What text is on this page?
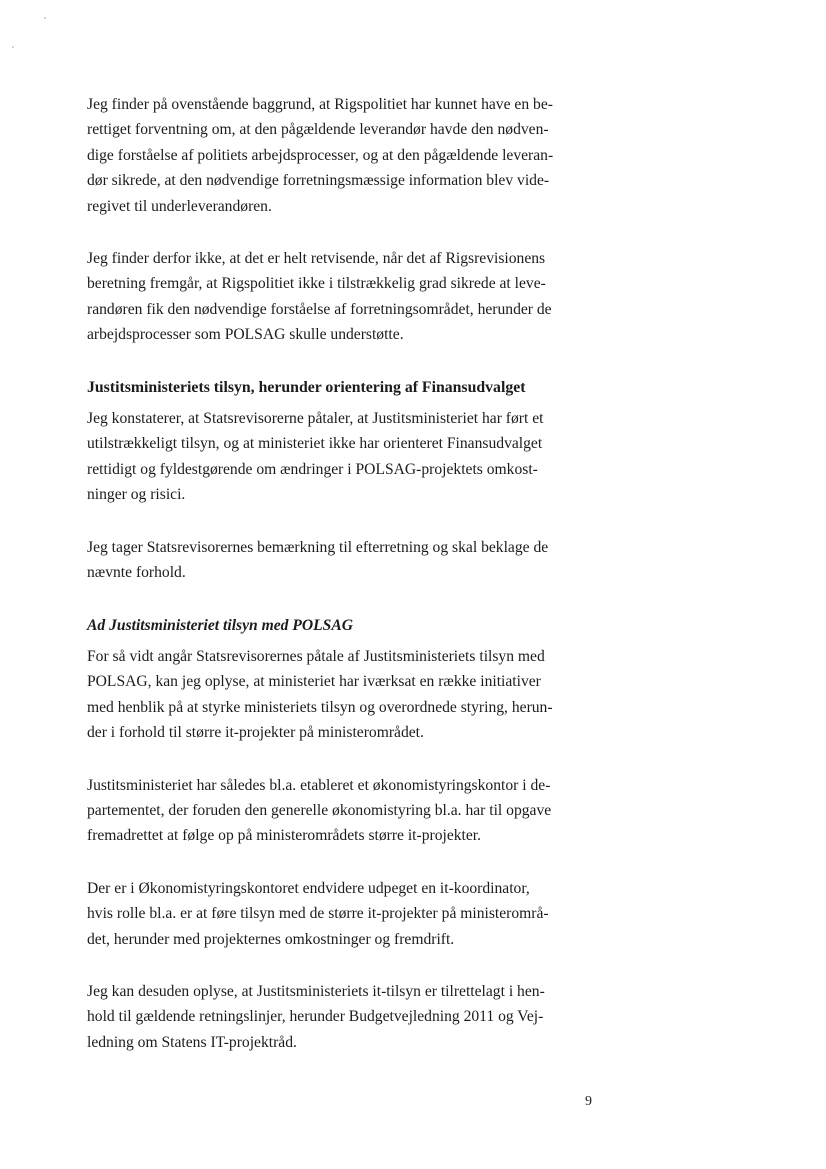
Jeg finder på ovenstående baggrund, at Rigspolitiet har kunnet have en be-
rettiget forventning om, at den pågældende leverandør havde den nødven-
dige forståelse af politiets arbejdsprocesser, og at den pågældende leveran-
dør sikrede, at den nødvendige forretningsmæssige information blev vide-
regivet til underleverandøren.

Jeg finder derfor ikke, at det er helt retvisende, når det af Rigsrevisionens
beretning fremgår, at Rigspolitiet ikke i tilstrækkelig grad sikrede at leve-
randøren fik den nødvendige forståelse af forretningsområdet, herunder de
arbejdsprocesser som POLSAG skulle understøtte.

Justitsministeriets tilsyn, herunder orientering af Finansudvalget

Jeg konstaterer, at Statsrevisorerne påtaler, at Justitsministeriet har ført et
utilstrækkeligt tilsyn, og at ministeriet ikke har orienteret Finansudvalget
rettidigt og fyldestgørende om ændringer i POLSAG-projektets omkost-
ninger og risici.

Jeg tager Statsrevisorernes bemærkning til efterretning og skal beklage de
nævnte forhold.

Ad Justitsministeriet tilsyn med POLSAG

For så vidt angår Statsrevisorernes påtale af Justitsministeriets tilsyn med
POLSAG, kan jeg oplyse, at ministeriet har iværksat en række initiativer
med henblik på at styrke ministeriets tilsyn og overordnede styring, herun-
der i forhold til større it-projekter på ministerområdet.

Justitsministeriet har således bl.a. etableret et økonomistyringskontor i de-
partementet, der foruden den generelle økonomistyring bl.a. har til opgave
fremadrettet at følge op på ministerområdets større it-projekter.

Der er i Økonomistyringskontoret endvidere udpeget en it-koordinator,
hvis rolle bl.a. er at føre tilsyn med de større it-projekter på ministerområ-
det, herunder med projekternes omkostninger og fremdrift.

Jeg kan desuden oplyse, at Justitsministeriets it-tilsyn er tilrettelagt i hen-
hold til gældende retningslinjer, herunder Budgetvejledning 2011 og Vej-
ledning om Statens IT-projektråd.

9
